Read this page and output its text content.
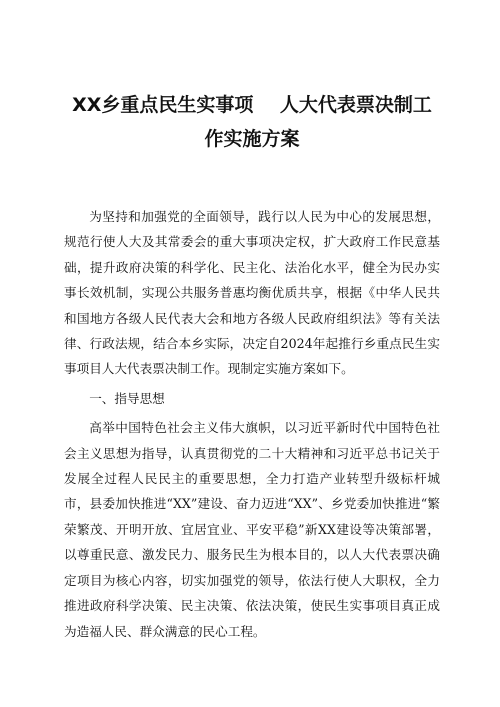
XX乡重点民生实事项    人大代表票决制工
作实施方案

为坚持和加强党的全面领导，践行以人民为中心的发展思想，规范行使人大及其常委会的重大事项决定权，扩大政府工作民意基础，提升政府决策的科学化、民主化、法治化水平，健全为民办实事长效机制，实现公共服务普惠均衡优质共享，根据《中华人民共和国地方各级人民代表大会和地方各级人民政府组织法》等有关法律、行政法规，结合本乡实际，决定自2024年起推行乡重点民生实事项目人大代表票决制工作。现制定实施方案如下。

一、指导思想

高举中国特色社会主义伟大旗帜，以习近平新时代中国特色社会主义思想为指导，认真贯彻党的二十大精神和习近平总书记关于发展全过程人民民主的重要思想，全力打造产业转型升级标杆城市，县委加快推进“XX”建设、奋力迈进“XX”、乡党委加快推进“繁荣繁茂、开明开放、宜居宜业、平安平稳”新XX建设等决策部署，以尊重民意、激发民力、服务民生为根本目的，以人大代表票决确定项目为核心内容，切实加强党的领导，依法行使人大职权，全力推进政府科学决策、民主决策、依法决策，使民生实事项目真正成为造福人民、群众满意的民心工程。
